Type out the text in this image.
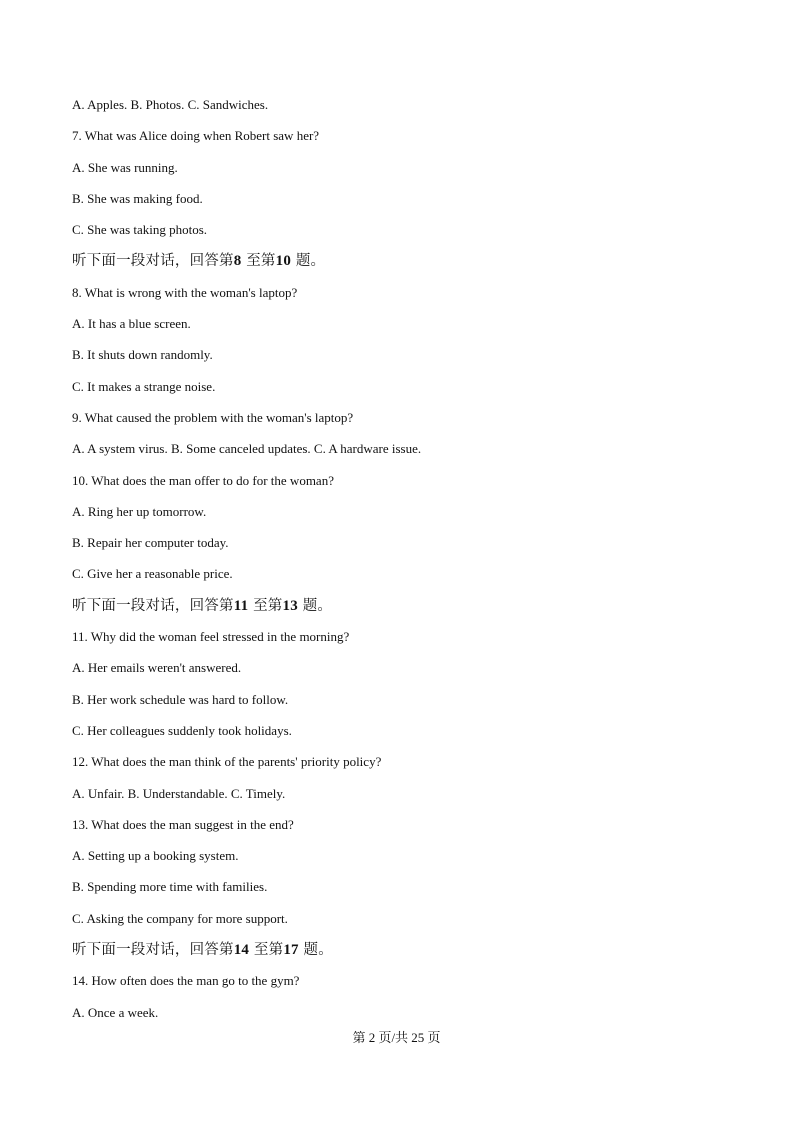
A. Apples. B. Photos. C. Sandwiches.
7. What was Alice doing when Robert saw her?
A. She was running.
B. She was making food.
C. She was taking photos.
听下面一段对话，回答第8 至第10 题。
8. What is wrong with the woman's laptop?
A. It has a blue screen.
B. It shuts down randomly.
C. It makes a strange noise.
9. What caused the problem with the woman's laptop?
A. A system virus. B. Some canceled updates. C. A hardware issue.
10. What does the man offer to do for the woman?
A. Ring her up tomorrow.
B. Repair her computer today.
C. Give her a reasonable price.
听下面一段对话，回答第11 至第13 题。
11. Why did the woman feel stressed in the morning?
A. Her emails weren't answered.
B. Her work schedule was hard to follow.
C. Her colleagues suddenly took holidays.
12. What does the man think of the parents' priority policy?
A. Unfair. B. Understandable. C. Timely.
13. What does the man suggest in the end?
A. Setting up a booking system.
B. Spending more time with families.
C. Asking the company for more support.
听下面一段对话，回答第14 至第17 题。
14. How often does the man go to the gym?
A. Once a week.
第 2 页/共 25 页
